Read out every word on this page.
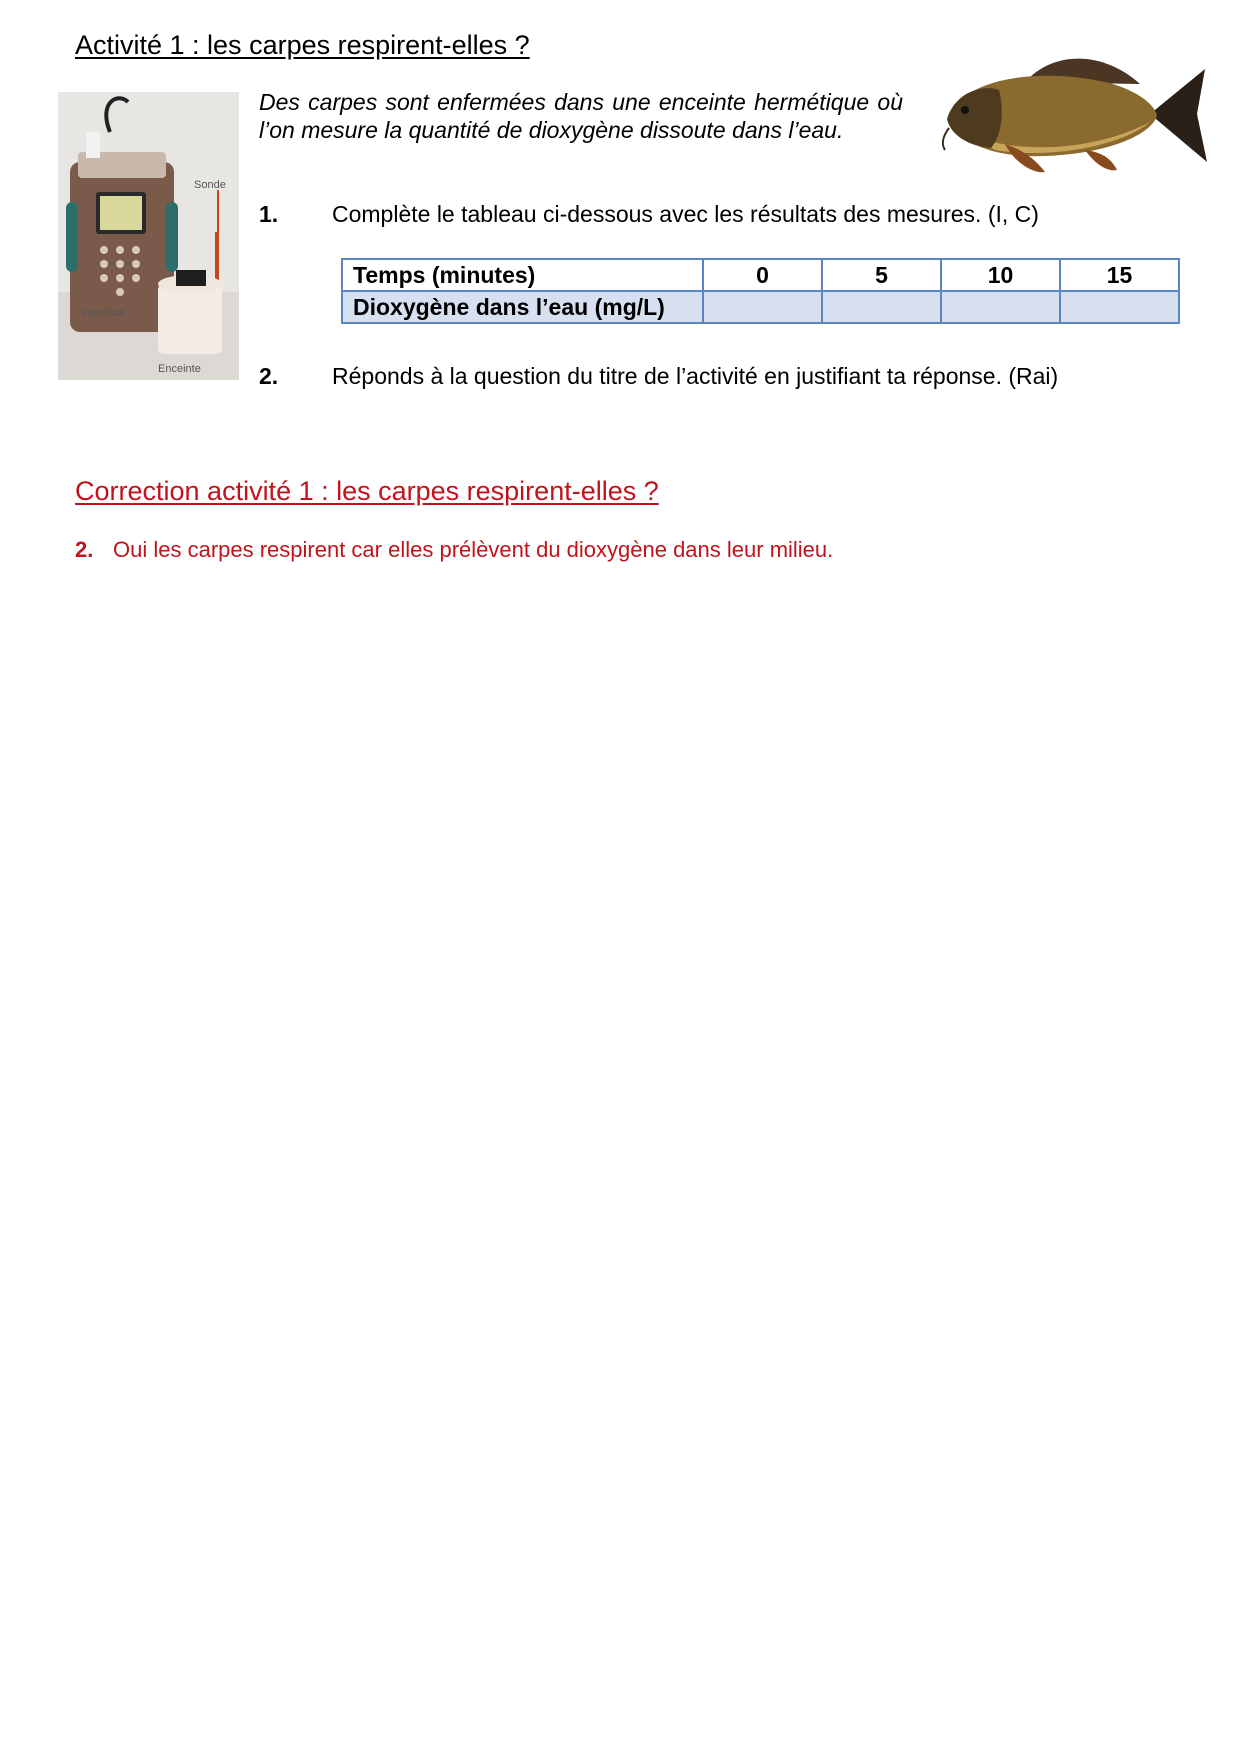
Activité 1 : les carpes respirent-elles ?
Sonde
Interface
Enceinte
Des carpes sont enfermées dans une enceinte hermétique où l’on mesure la quantité de dioxygène dissoute dans l’eau.
1. Complète le tableau ci-dessous avec les résultats des mesures. (I, C)
Temps (minutes)	0	5	10	15
Dioxygène dans l’eau (mg/L)				
2. Réponds à la question du titre de l’activité en justifiant ta réponse. (Rai)
Correction activité 1 : les carpes respirent-elles ?
2. Oui les carpes respirent car elles prélèvent du dioxygène dans leur milieu.
